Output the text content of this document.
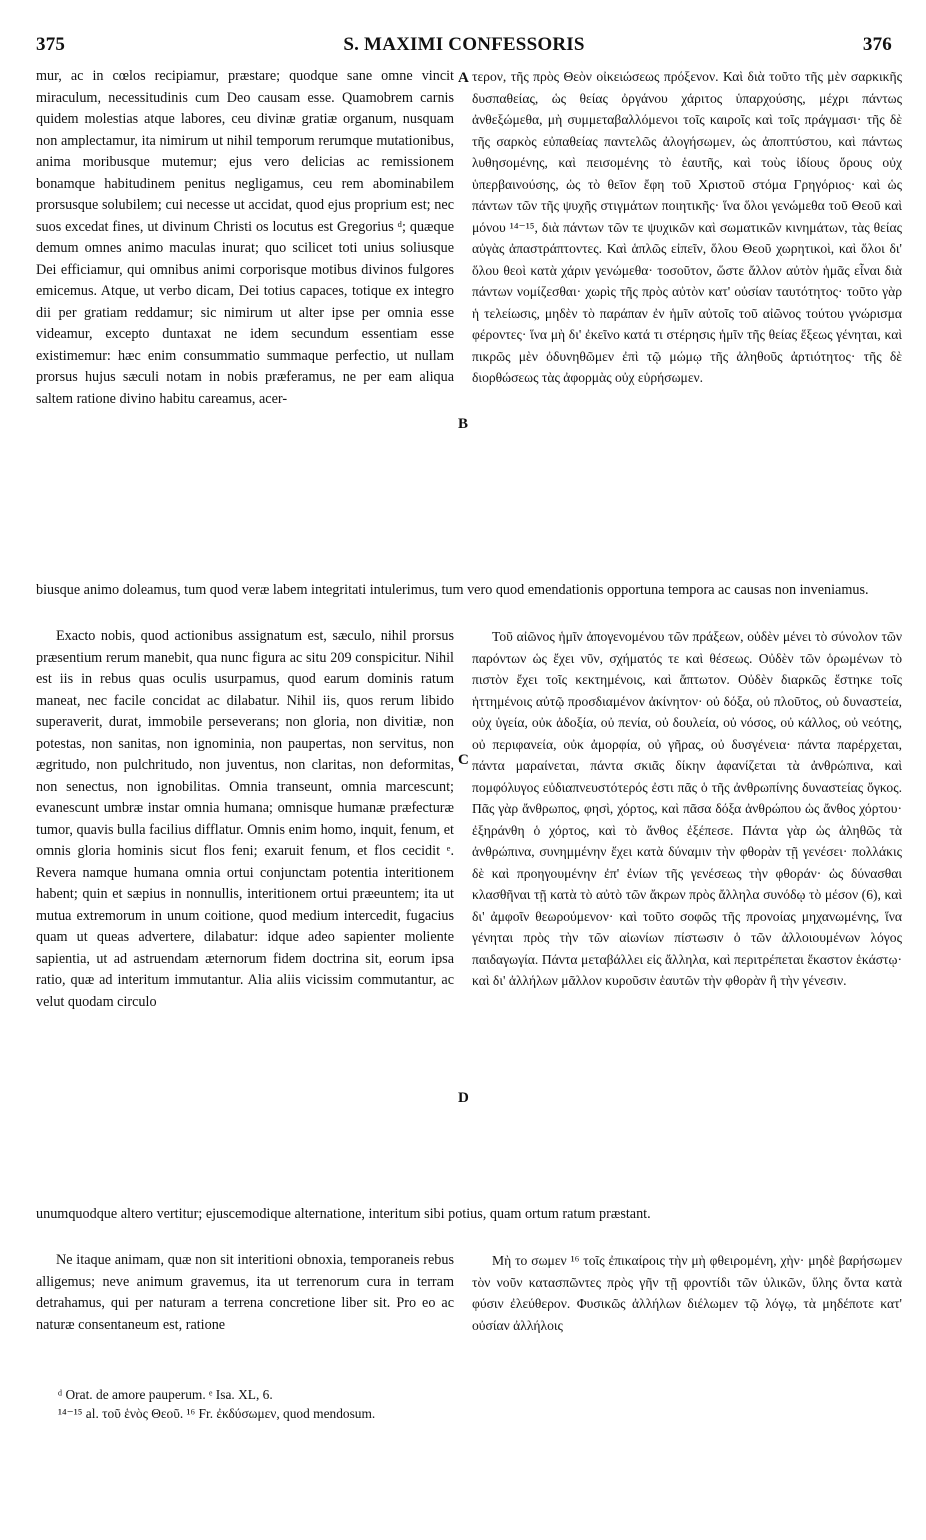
375	S. MAXIMI CONFESSORIS	376
A
B
C
D

mur, ac in cœlos recipiamur, præstare; quodque sane omne vincit miraculum, necessitudinis cum Deo causam esse. Quamobrem carnis quidem molestias atque labores, ceu divinæ gratiæ organum, nusquam non amplectamur, ita nimirum ut nihil temporum rerumque mutationibus, anima moribusque mutemur; ejus vero delicias ac remissionem bonamque habitudinem penitus negligamus, ceu rem abominabilem prorsusque solubilem; cui necesse ut accidat, quod ejus proprium est; nec suos excedat fines, ut divinum Christi os locutus est Gregorius ᵈ; quæque demum omnes animo maculas inurat; quo scilicet toti unius soliusque Dei efficiamur, qui omnibus animi corporisque motibus divinos fulgores emicemus. Atque, ut verbo dicam, Dei totius capaces, totique ex integro dii per gratiam reddamur; sic nimirum ut alter ipse per omnia esse videamur, excepto duntaxat ne idem secundum essentiam esse existimemur: hæc enim consummatio summaque perfectio, ut nullam prorsus hujus sæculi notam in nobis præferamus, ne per eam aliqua saltem ratione divino habitu careamus, acer-

τερον, τῆς πρὸς Θεὸν οἰκειώσεως πρόξενον. Καὶ διὰ τοῦτο τῆς μὲν σαρκικῆς δυσπαθείας, ὡς θείας ὀργάνου χάριτος ὑπαρχούσης, μέχρι πάντως ἀνθεξώμεθα, μὴ συμμεταβαλλόμενοι τοῖς καιροῖς καὶ τοῖς πράγμασι· τῆς δὲ τῆς σαρκὸς εὐπαθείας παντελῶς ἀλογήσωμεν, ὡς ἀποπτύστου, καὶ πάντως λυθησομένης, καὶ πεισομένης τὸ ἑαυτῆς, καὶ τοὺς ἰδίους ὅρους οὐχ ὑπερβαινούσης, ὡς τὸ θεῖον ἔφη τοῦ Χριστοῦ στόμα Γρηγόριος· καὶ ὡς πάντων τῶν τῆς ψυχῆς στιγμάτων ποιητικῆς· ἵνα ὅλοι γενώμεθα τοῦ Θεοῦ καὶ μόνου ¹⁴⁻¹⁵, διὰ πάντων τῶν τε ψυχικῶν καὶ σωματικῶν κινημάτων, τὰς θείας αὐγὰς ἀπαστράπτοντες. Καὶ ἁπλῶς εἰπεῖν, ὅλου Θεοῦ χωρητικοὶ, καὶ ὅλοι δι' ὅλου θεοὶ κατὰ χάριν γενώμεθα· τοσοῦτον, ὥστε ἄλλον αὐτὸν ἡμᾶς εἶναι διὰ πάντων νομίζεσθαι· χωρὶς τῆς πρὸς αὐτὸν κατ' οὐσίαν ταυτότητος· τοῦτο γὰρ ἡ τελείωσις, μηδὲν τὸ παράπαν ἐν ἡμῖν αὐτοῖς τοῦ αἰῶνος τούτου γνώρισμα φέροντες· ἵνα μὴ δι' ἐκεῖνο κατά τι στέρησις ἡμῖν τῆς θείας ἕξεως γένηται, καὶ πικρῶς μὲν ὀδυνηθῶμεν ἐπὶ τῷ μώμῳ τῆς ἀληθοῦς ἀρτιότητος· τῆς δὲ διορθώσεως τὰς ἀφορμὰς οὐχ εὑρήσωμεν.

biusque animo doleamus, tum quod veræ labem integritati intulerimus, tum vero quod emendationis opportuna tempora ac causas non inveniamus.

Exacto nobis, quod actionibus assignatum est, sæculo, nihil prorsus præsentium rerum manebit, qua nunc figura ac situ 209 conspicitur. Nihil est iis in rebus quas oculis usurpamus, quod earum dominis ratum maneat, nec facile concidat ac dilabatur. Nihil iis, quos rerum libido superaverit, durat, immobile perseverans; non gloria, non divitiæ, non potestas, non sanitas, non ignominia, non paupertas, non servitus, non ægritudo, non pulchritudo, non juventus, non claritas, non deformitas, non senectus, non ignobilitas. Omnia transeunt, omnia marcescunt; evanescunt umbræ instar omnia humana; omnisque humanæ præfecturæ tumor, quavis bulla facilius difflatur. Omnis enim homo, inquit, fenum, et omnis gloria hominis sicut flos feni; exaruit fenum, et flos cecidit ᵉ. Revera namque humana omnia ortui conjunctam potentia interitionem habent; quin et sæpius in nonnullis, interitionem ortui præeuntem; ita ut mutua extremorum in unum coitione, quod medium intercedit, fugacius quam ut queas advertere, dilabatur: idque adeo sapienter moliente sapientia, ut ad astruendam æternorum fidem doctrina sit, eorum ipsa ratio, quæ ad interitum immutantur. Alia aliis vicissim commutantur, ac velut quodam circulo

Τοῦ αἰῶνος ἡμῖν ἀπογενομένου τῶν πράξεων, οὐδὲν μένει τὸ σύνολον τῶν παρόντων ὡς ἔχει νῦν, σχήματός τε καὶ θέσεως. Οὐδὲν τῶν ὁρωμένων τὸ πιστὸν ἔχει τοῖς κεκτημένοις, καὶ ἄπτωτον. Οὐδὲν διαρκῶς ἕστηκε τοῖς ἡττημένοις αὐτῷ προσδιαμένον ἀκίνητον· οὐ δόξα, οὐ πλοῦτος, οὐ δυναστεία, οὐχ ὑγεία, οὐκ ἀδοξία, οὐ πενία, οὐ δουλεία, οὐ νόσος, οὐ κάλλος, οὐ νεότης, οὐ περιφανεία, οὐκ ἀμορφία, οὐ γῆρας, οὐ δυσγένεια· πάντα παρέρχεται, πάντα μαραίνεται, πάντα σκιᾶς δίκην ἀφανίζεται τὰ ἀνθρώπινα, καὶ πομφόλυγος εὐδιαπνευστότερός ἐστι πᾶς ὁ τῆς ἀνθρωπίνης δυναστείας ὄγκος. Πᾶς γὰρ ἄνθρωπος, φησὶ, χόρτος, καὶ πᾶσα δόξα ἀνθρώπου ὡς ἄνθος χόρτου· ἐξηράνθη ὁ χόρτος, καὶ τὸ ἄνθος ἐξέπεσε. Πάντα γὰρ ὡς ἀληθῶς τὰ ἀνθρώπινα, συνημμένην ἔχει κατὰ δύναμιν τὴν φθορὰν τῇ γενέσει· πολλάκις δὲ καὶ προηγουμένην ἐπ' ἐνίων τῆς γενέσεως τὴν φθοράν· ὡς δύνασθαι κλασθῆναι τῇ κατὰ τὸ αὐτὸ τῶν ἄκρων πρὸς ἄλληλα συνόδῳ τὸ μέσον (6), καὶ δι' ἀμφοῖν θεωρούμενον· καὶ τοῦτο σοφῶς τῆς προνοίας μηχανωμένης, ἵνα γένηται πρὸς τὴν τῶν αἰωνίων πίστωσιν ὁ τῶν ἀλλοιουμένων λόγος παιδαγωγία. Πάντα μεταβάλλει εἰς ἄλληλα, καὶ περιτρέπεται ἕκαστον ἑκάστῳ· καὶ δι' ἀλλήλων μᾶλλον κυροῦσιν ἑαυτῶν τὴν φθορὰν ἢ τὴν γένεσιν.

unumquodque altero vertitur; ejuscemodique alternatione, interitum sibi potius, quam ortum ratum præstant.

Ne itaque animam, quæ non sit interitioni obnoxia, temporaneis rebus alligemus; neve animum gravemus, ita ut terrenorum cura in terram detrahamus, qui per naturam a terrena concretione liber sit. Pro eo ac naturæ consentaneum est, ratione

Μὴ το σωμεν ¹⁶ τοῖς ἐπικαίροις τὴν μὴ φθειρομένη, χὴν· μηδὲ βαρήσωμεν τὸν νοῦν κατασπῶντες πρὸς γῆν τῇ φροντίδι τῶν ὑλικῶν, ὕλης ὄντα κατὰ φύσιν ἐλεύθερον. Φυσικῶς ἀλλήλων διέλωμεν τῷ λόγῳ, τὰ μηδέποτε κατ' οὐσίαν ἀλλήλοις

ᵈ Orat. de amore pauperum. ᵉ Isa. XL, 6.
¹⁴⁻¹⁵ al. τοῦ ἑνὸς Θεοῦ. ¹⁶ Fr. ἐκδύσωμεν, quod mendosum.
